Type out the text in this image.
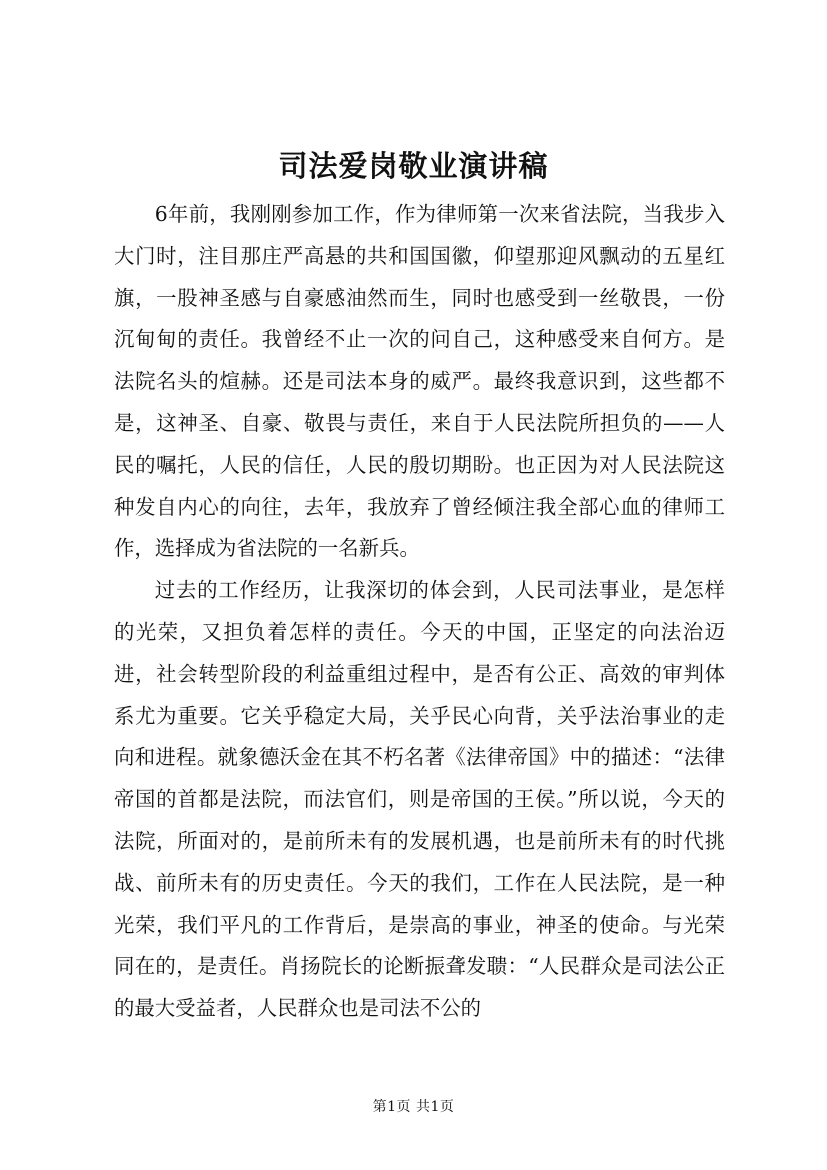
司法爱岗敬业演讲稿

6年前，我刚刚参加工作，作为律师第一次来省法院，当我步入大门时，注目那庄严高悬的共和国国徽，仰望那迎风飘动的五星红旗，一股神圣感与自豪感油然而生，同时也感受到一丝敬畏，一份沉甸甸的责任。我曾经不止一次的问自己，这种感受来自何方。是法院名头的煊赫。还是司法本身的威严。最终我意识到，这些都不是，这神圣、自豪、敬畏与责任，来自于人民法院所担负的——人民的嘱托，人民的信任，人民的殷切期盼。也正因为对人民法院这种发自内心的向往，去年，我放弃了曾经倾注我全部心血的律师工作，选择成为省法院的一名新兵。

过去的工作经历，让我深切的体会到，人民司法事业，是怎样的光荣，又担负着怎样的责任。今天的中国，正坚定的向法治迈进，社会转型阶段的利益重组过程中，是否有公正、高效的审判体系尤为重要。它关乎稳定大局，关乎民心向背，关乎法治事业的走向和进程。就象德沃金在其不朽名著《法律帝国》中的描述：“法律帝国的首都是法院，而法官们，则是帝国的王侯。”所以说，今天的法院，所面对的，是前所未有的发展机遇，也是前所未有的时代挑战、前所未有的历史责任。今天的我们，工作在人民法院，是一种光荣，我们平凡的工作背后，是崇高的事业，神圣的使命。与光荣同在的，是责任。肖扬院长的论断振聋发聩：“人民群众是司法公正的最大受益者，人民群众也是司法不公的

第1页 共1页
